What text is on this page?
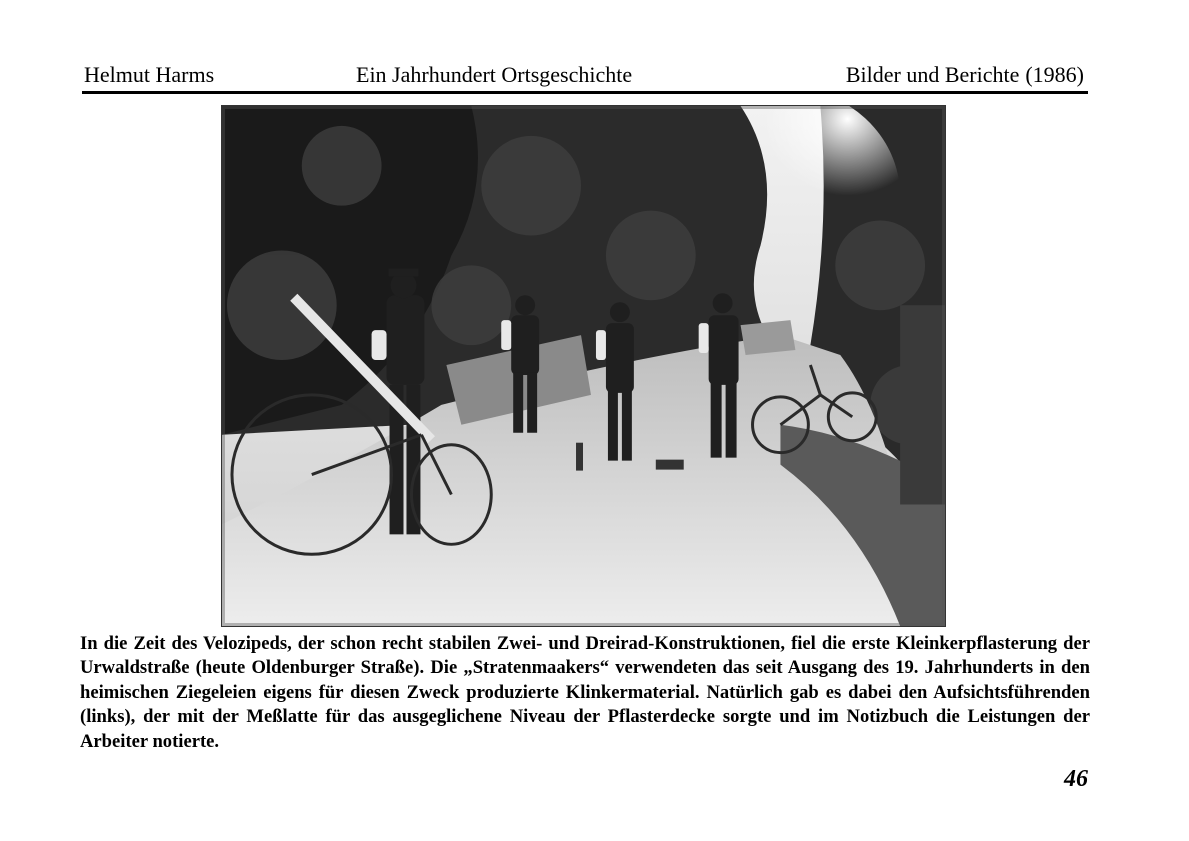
Helmut Harms	Ein Jahrhundert Ortsgeschichte	Bilder und Berichte (1986)

In die Zeit des Velozipeds, der schon recht stabilen Zwei- und Dreirad-Konstruktionen, fiel die erste Kleinkerpflasterung der Urwaldstraße (heute Oldenburger Straße). Die „Stratenmaakers“ verwendeten das seit Ausgang des 19. Jahrhunderts in den heimischen Ziegeleien eigens für diesen Zweck produzierte Klinkermaterial. Natürlich gab es dabei den Aufsichtsführenden (links), der mit der Meßlatte für das ausgeglichene Niveau der Pflasterdecke sorgte und im Notizbuch die Leistungen der Arbeiter notierte.

46
